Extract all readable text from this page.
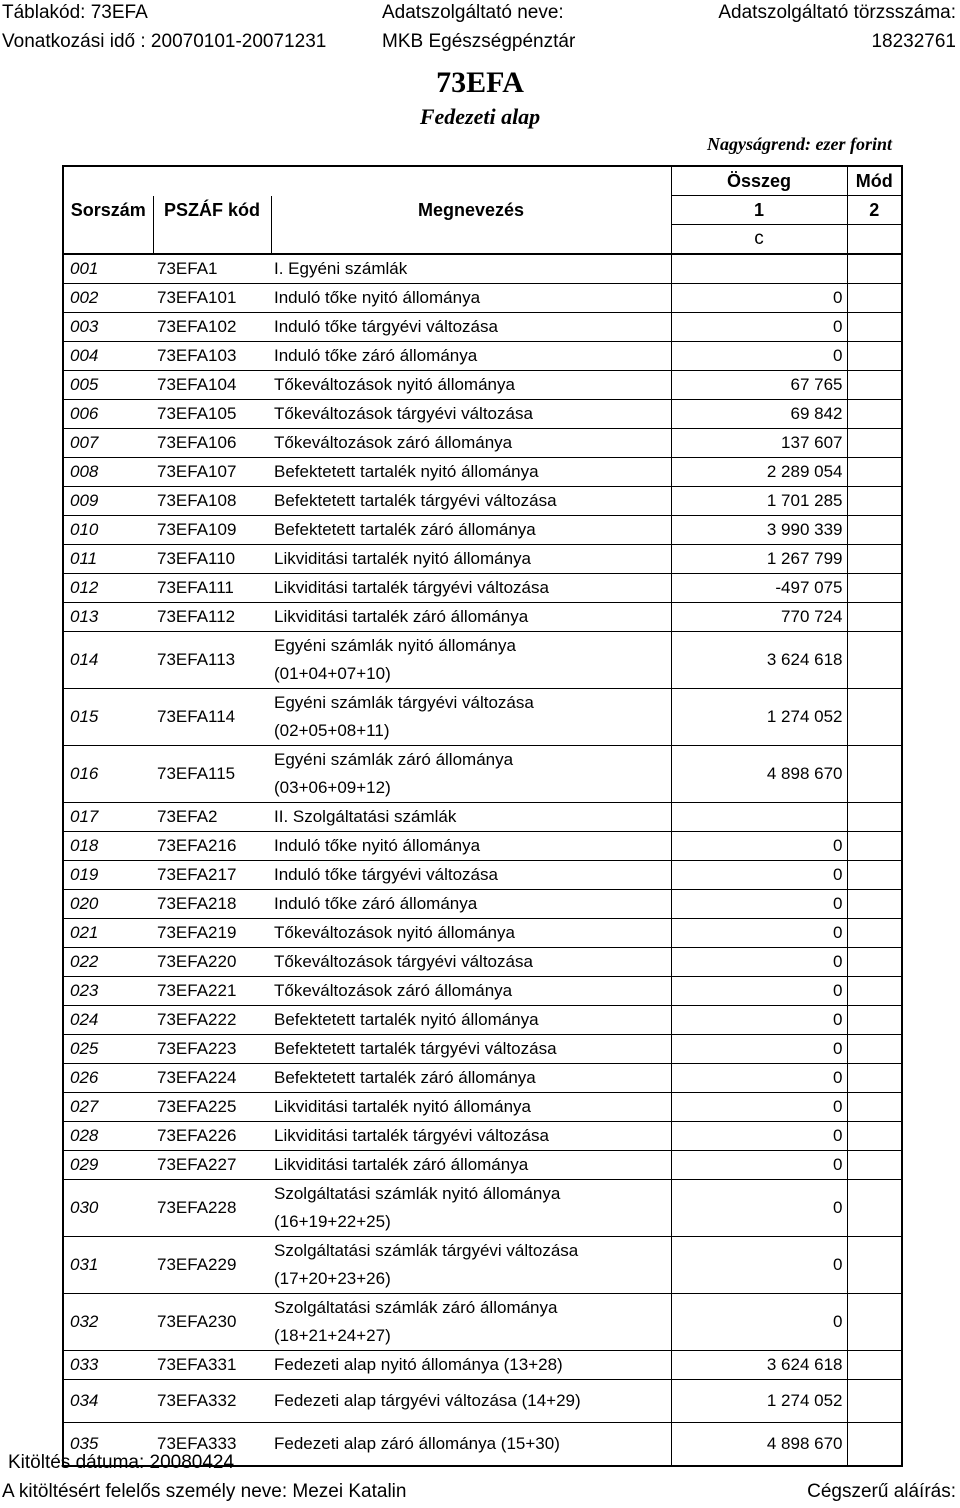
Táblakód: 73EFA	Adatszolgáltató neve:	Adatszolgáltató törzsszáma:
Vonatkozási idő : 20070101-20071231	MKB Egészségpénztár	18232761
73EFA
Fedezeti alap
Nagyságrend: ezer forint
			Összeg	Mód
Sorszám	PSZÁF kód	Megnevezés	1	2
			c	
001	73EFA1	I. Egyéni számlák		

002	73EFA101	Induló tőke nyitó állománya	0	
003	73EFA102	Induló tőke tárgyévi változása	0	
004	73EFA103	Induló tőke záró állománya	0	
005	73EFA104	Tőkeváltozások nyitó állománya	67 765	
006	73EFA105	Tőkeváltozások tárgyévi változása	69 842	
007	73EFA106	Tőkeváltozások záró állománya	137 607	
008	73EFA107	Befektetett tartalék nyitó állománya	2 289 054	
009	73EFA108	Befektetett tartalék tárgyévi változása	1 701 285	
010	73EFA109	Befektetett tartalék záró állománya	3 990 339	
011	73EFA110	Likviditási tartalék nyitó állománya	1 267 799	
012	73EFA111	Likviditási tartalék tárgyévi változása	-497 075	
013	73EFA112	Likviditási tartalék záró állománya	770 724	
014	73EFA113	Egyéni számlák nyitó állománya
(01+04+07+10)	3 624 618	
015	73EFA114	Egyéni számlák tárgyévi változása
(02+05+08+11)	1 274 052	
016	73EFA115	Egyéni számlák záró állománya
(03+06+09+12)	4 898 670	
017	73EFA2	II. Szolgáltatási számlák		

018	73EFA216	Induló tőke nyitó állománya	0	
019	73EFA217	Induló tőke tárgyévi változása	0	
020	73EFA218	Induló tőke záró állománya	0	
021	73EFA219	Tőkeváltozások nyitó állománya	0	
022	73EFA220	Tőkeváltozások tárgyévi változása	0	
023	73EFA221	Tőkeváltozások záró állománya	0	
024	73EFA222	Befektetett tartalék nyitó állománya	0	
025	73EFA223	Befektetett tartalék tárgyévi változása	0	
026	73EFA224	Befektetett tartalék záró állománya	0	
027	73EFA225	Likviditási tartalék nyitó állománya	0	
028	73EFA226	Likviditási tartalék tárgyévi változása	0	
029	73EFA227	Likviditási tartalék záró állománya	0	
030	73EFA228	Szolgáltatási számlák nyitó állománya
(16+19+22+25)	0	
031	73EFA229	Szolgáltatási számlák tárgyévi változása
(17+20+23+26)	0	
032	73EFA230	Szolgáltatási számlák záró állománya
(18+21+24+27)	0	
033	73EFA331	Fedezeti alap nyitó állománya (13+28)	3 624 618	
034	73EFA332	Fedezeti alap tárgyévi változása (14+29)	1 274 052	
035	73EFA333	Fedezeti alap záró állománya (15+30)	4 898 670	
Kitöltés dátuma: 20080424
A kitöltésért felelős személy neve: Mezei Katalin	Cégszerű aláírás:
